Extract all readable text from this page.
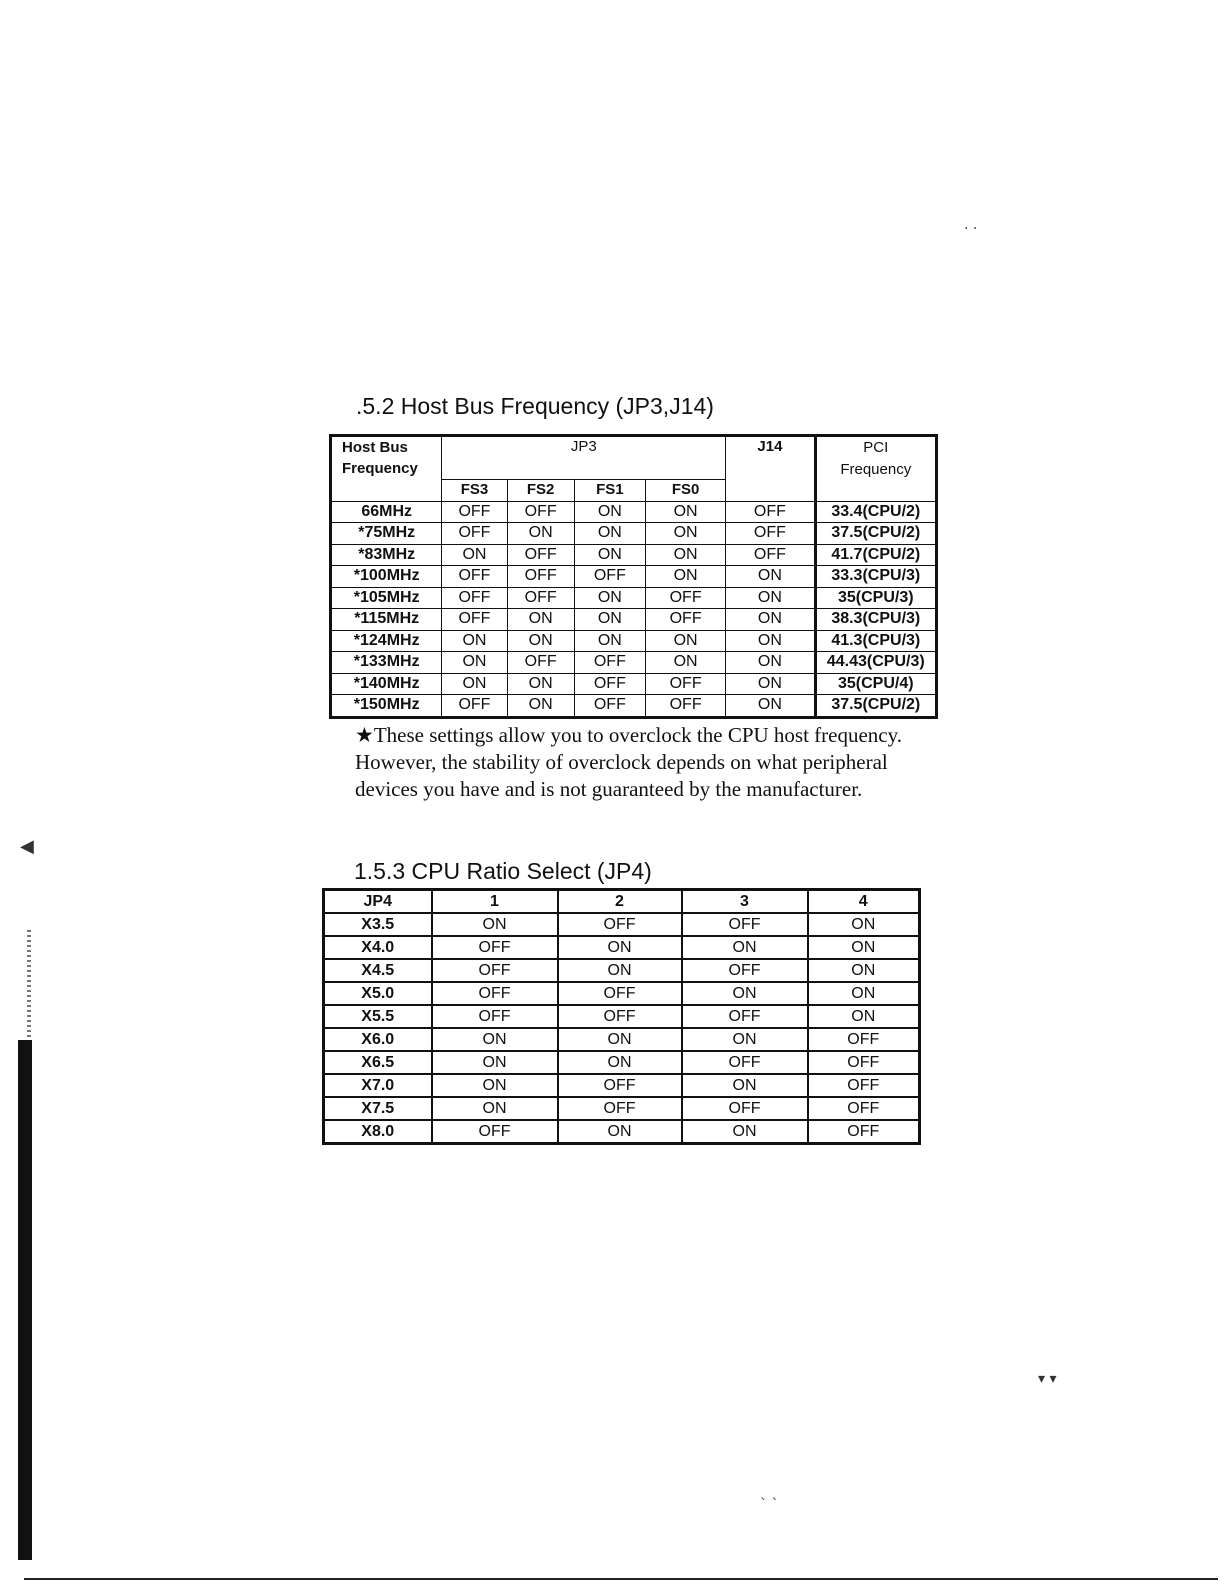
◀
· ·
▾ ▾
` `
.5.2 Host Bus Frequency (JP3,J14)
Host Bus
Frequency	JP3				J14	PCI
Frequency
	FS3	FS2	FS1	FS0		
66MHz	OFF	OFF	ON	ON	OFF	33.4(CPU/2)
*75MHz	OFF	ON	ON	ON	OFF	37.5(CPU/2)
*83MHz	ON	OFF	ON	ON	OFF	41.7(CPU/2)
*100MHz	OFF	OFF	OFF	ON	ON	33.3(CPU/3)
*105MHz	OFF	OFF	ON	OFF	ON	35(CPU/3)
*115MHz	OFF	ON	ON	OFF	ON	38.3(CPU/3)
*124MHz	ON	ON	ON	ON	ON	41.3(CPU/3)
*133MHz	ON	OFF	OFF	ON	ON	44.43(CPU/3)
*140MHz	ON	ON	OFF	OFF	ON	35(CPU/4)
*150MHz	OFF	ON	OFF	OFF	ON	37.5(CPU/2)

★These settings allow you to overclock the CPU host frequency. However, the stability of overclock depends on what peripheral devices you have and is not guaranteed by the manufacturer.

1.5.3 CPU Ratio Select (JP4)
JP4	1	2	3	4
X3.5	ON	OFF	OFF	ON
X4.0	OFF	ON	ON	ON
X4.5	OFF	ON	OFF	ON
X5.0	OFF	OFF	ON	ON
X5.5	OFF	OFF	OFF	ON
X6.0	ON	ON	ON	OFF
X6.5	ON	ON	OFF	OFF
X7.0	ON	OFF	ON	OFF
X7.5	ON	OFF	OFF	OFF
X8.0	OFF	ON	ON	OFF
